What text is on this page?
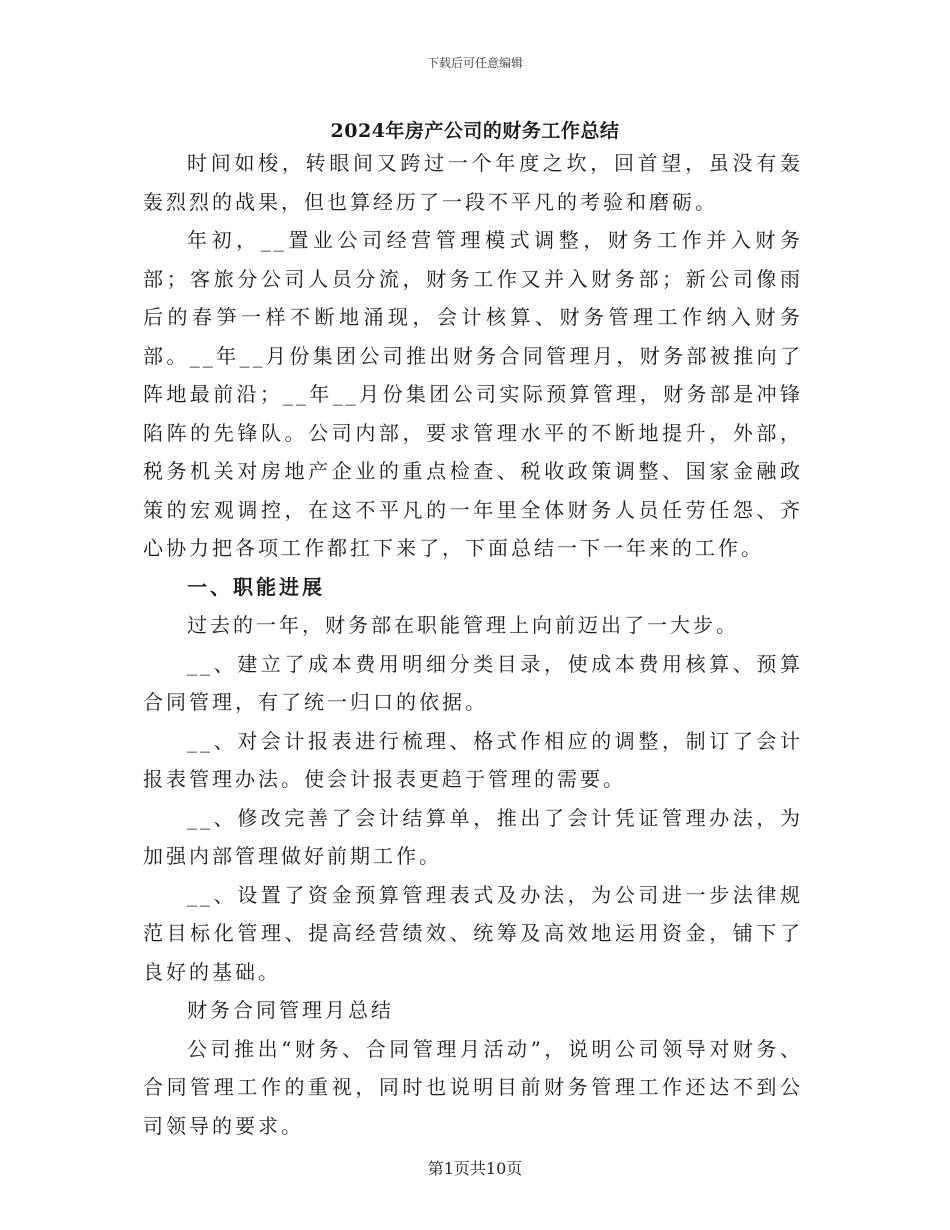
下载后可任意编辑
2024年房产公司的财务工作总结

时间如梭，转眼间又跨过一个年度之坎，回首望，虽没有轰轰烈烈的战果，但也算经历了一段不平凡的考验和磨砺。

年初，__置业公司经营管理模式调整，财务工作并入财务部；客旅分公司人员分流，财务工作又并入财务部；新公司像雨后的春笋一样不断地涌现，会计核算、财务管理工作纳入财务部。__年__月份集团公司推出财务合同管理月，财务部被推向了阵地最前沿；__年__月份集团公司实际预算管理，财务部是冲锋陷阵的先锋队。公司内部，要求管理水平的不断地提升，外部，税务机关对房地产企业的重点检查、税收政策调整、国家金融政策的宏观调控，在这不平凡的一年里全体财务人员任劳任怨、齐心协力把各项工作都扛下来了，下面总结一下一年来的工作。

一、职能进展

过去的一年，财务部在职能管理上向前迈出了一大步。

__、建立了成本费用明细分类目录，使成本费用核算、预算合同管理，有了统一归口的依据。

__、对会计报表进行梳理、格式作相应的调整，制订了会计报表管理办法。使会计报表更趋于管理的需要。

__、修改完善了会计结算单，推出了会计凭证管理办法，为加强内部管理做好前期工作。

__、设置了资金预算管理表式及办法，为公司进一步法律规范目标化管理、提高经营绩效、统筹及高效地运用资金，铺下了良好的基础。

财务合同管理月总结

公司推出“财务、合同管理月活动”，说明公司领导对财务、合同管理工作的重视，同时也说明目前财务管理工作还达不到公司领导的要求。

第1页共10页
